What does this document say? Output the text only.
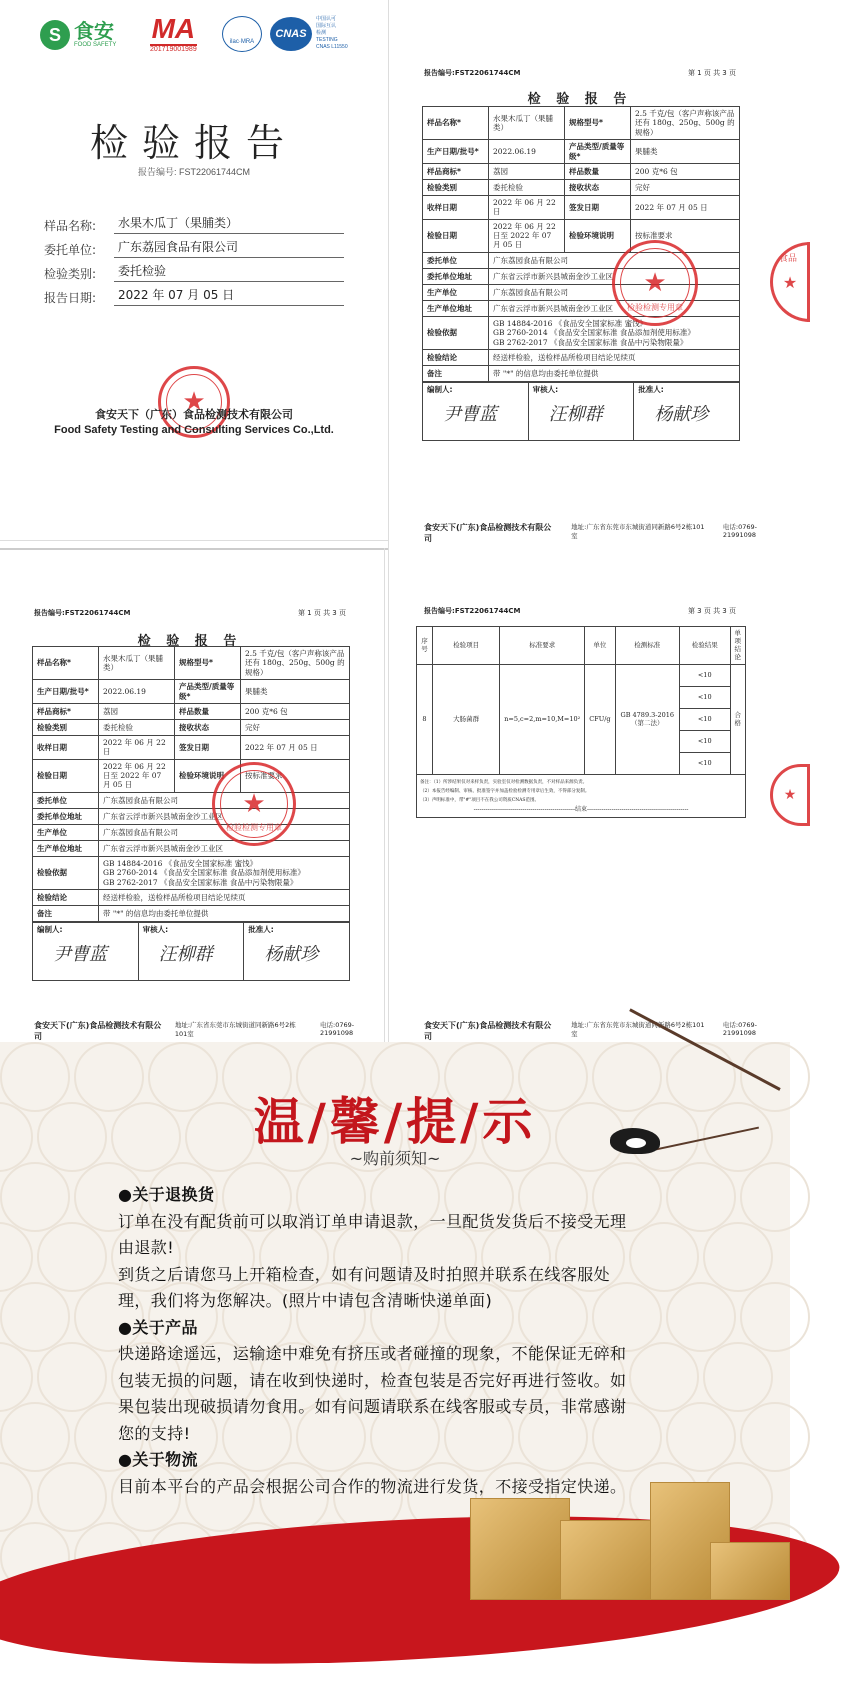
S 食安
FOOD SAFETY
MA
201719001989
ilac·MRA
CNAS
中国认可
国际互认
检测
TESTING
CNAS L11550
检验报告
报告编号: FST22061744CM
样品名称:	水果木瓜丁（果脯类）
委托单位:	广东荔园食品有限公司
检验类别:	委托检验
报告日期:	2022 年 07 月 05 日
★
食安天下（广东）食品检测技术有限公司
Food Safety Testing and Consulting Services Co.,Ltd.
报告编号:FST22061744CM	第 1 页 共 3 页
检 验 报 告
样品名称*	水果木瓜丁（果脯类）	规格型号*	2.5 千克/包（客户声称该产品还有 180g、250g、500g 的规格）
生产日期/批号*	2022.06.19	产品类型/质量等级*	果脯类
样品商标*	荔园	样品数量	200 克*6 包
检验类别	委托检验	接收状态	完好
收样日期	2022 年 06 月 22 日	签发日期	2022 年 07 月 05 日
检验日期	2022 年 06 月 22 日至 2022 年 07 月 05 日	检验环境说明	按标准要求
委托单位	广东荔园食品有限公司		
委托单位地址	广东省云浮市新兴县城南金沙工业区		
生产单位	广东荔园食品有限公司		
生产单位地址	广东省云浮市新兴县城南金沙工业区		
检验依据	GB 14884-2016 《食品安全国家标准 蜜饯》
GB 2760-2014 《食品安全国家标准 食品添加剂使用标准》
GB 2762-2017 《食品安全国家标准 食品中污染物限量》		

检验结论	经送样检验，送检样品所检项目结论见续页		
备注	带 "*" 的信息均由委托单位提供		
编制人:
尹曹蓝

审核人:
汪柳群

批准人:
杨献珍
★
检验检测专用章
食品
★
食安天下(广东)食品检测技术有限公司
地址:广东省东莞市东城街道同新路6号2栋101室
电话:0769-21991098
报告编号:FST22061744CM	第 1 页 共 3 页
检 验 报 告
样品名称*	水果木瓜丁（果脯类）	规格型号*	2.5 千克/包（客户声称该产品还有 180g、250g、500g 的规格）
生产日期/批号*	2022.06.19	产品类型/质量等级*	果脯类
样品商标*	荔园	样品数量	200 克*6 包
检验类别	委托检验	接收状态	完好
收样日期	2022 年 06 月 22 日	签发日期	2022 年 07 月 05 日
检验日期	2022 年 06 月 22 日至 2022 年 07 月 05 日	检验环境说明	按标准要求
委托单位	广东荔园食品有限公司		
委托单位地址	广东省云浮市新兴县城南金沙工业区		
生产单位	广东荔园食品有限公司		
生产单位地址	广东省云浮市新兴县城南金沙工业区		
检验依据	GB 14884-2016 《食品安全国家标准 蜜饯》
GB 2760-2014 《食品安全国家标准 食品添加剂使用标准》
GB 2762-2017 《食品安全国家标准 食品中污染物限量》		

检验结论	经送样检验，送检样品所检项目结论见续页		
备注	带 "*" 的信息均由委托单位提供		
编制人:
尹曹蓝

审核人:
汪柳群

批准人:
杨献珍
★
检验检测专用章
食安天下(广东)食品检测技术有限公司
地址:广东省东莞市东城街道同新路6号2栋101室
电话:0769-21991098
报告编号:FST22061744CM	第 3 页 共 3 页
序号	检验项目	标准要求	单位	检测标准	检验结果	单项结论
8	大肠菌群	n=5,c=2,m=10,M=10²	CFU/g	GB 4789.3-2016 （第二法）	<10	合格
					<10	
					<10	
					<10	
					<10	

备注：（1）所涉结果仅对来样负责，实验室仅对检测数据负责，不对样品来源负责。
（2）本报告经编制、审核、批准签字并加盖检验检测专用章后生效，不得部分复制。
（3）声明标准中，带"#"项目不在我公司资质CNAS范围。
--------------------------------------------------结束--------------------------------------------------						
★
食安天下(广东)食品检测技术有限公司
地址:广东省东莞市东城街道同新路6号2栋101室
电话:0769-21991098
温/馨/提/示
~购前须知~
●关于退换货
订单在没有配货前可以取消订单申请退款，一旦配货发货后不接受无理由退款!
到货之后请您马上开箱检查，如有问题请及时拍照并联系在线客服处理，我们将为您解决。(照片中请包含清晰快递单面)
●关于产品
快递路途遥远，运输途中难免有挤压或者碰撞的现象，不能保证无碎和包装无损的问题，请在收到快递时，检查包装是否完好再进行签收。如果包装出现破损请勿食用。如有问题请联系在线客服或专员，非常感谢您的支持!
●关于物流
目前本平台的产品会根据公司合作的物流进行发货，不接受指定快递。
